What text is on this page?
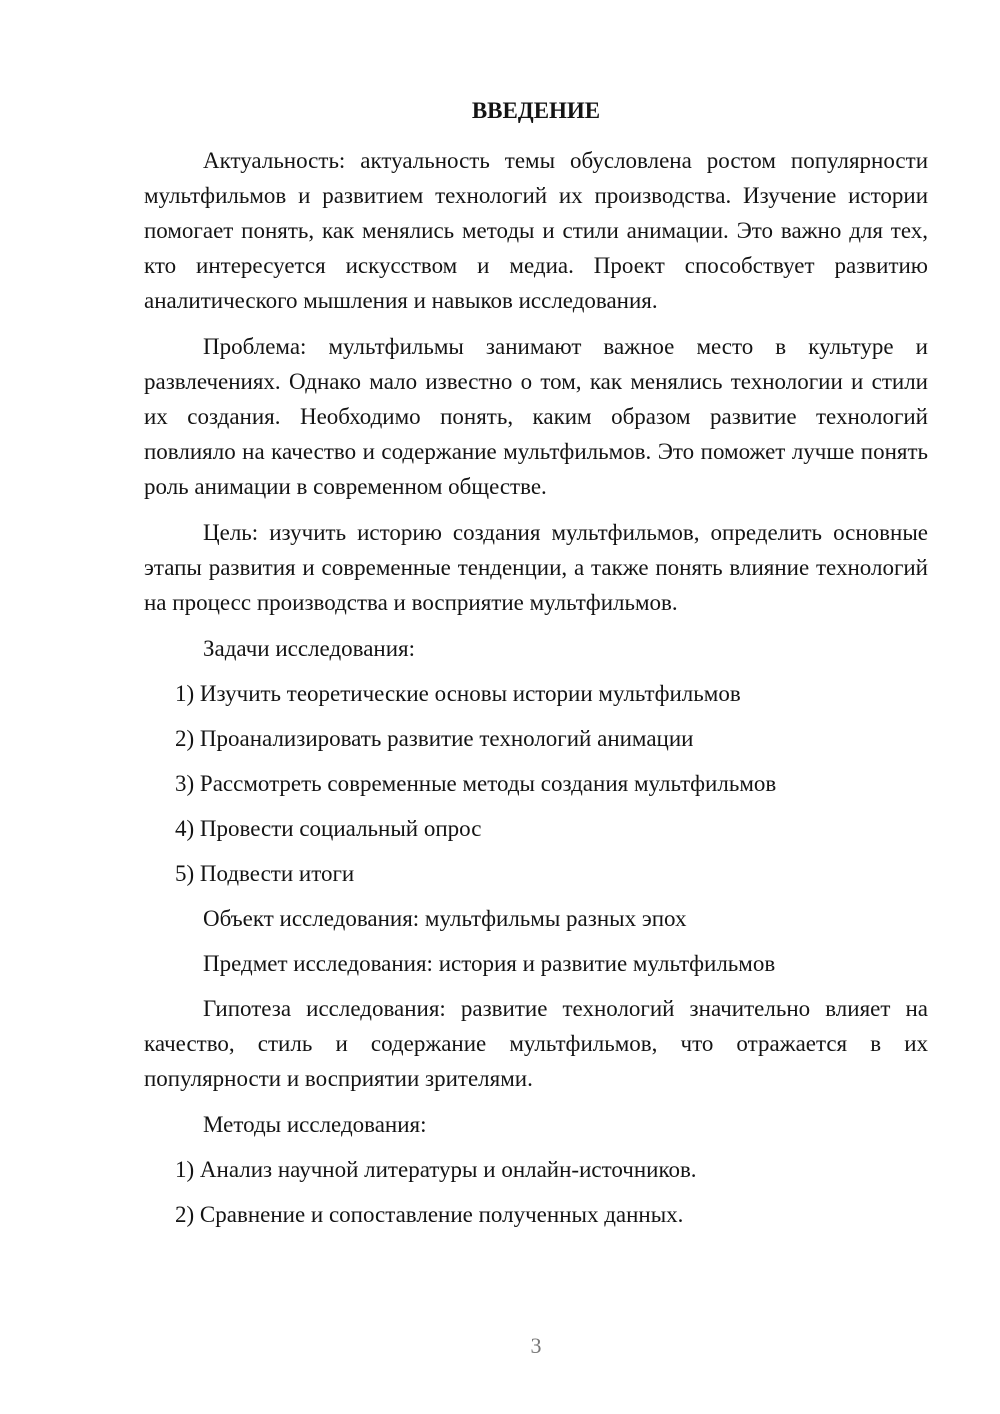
ВВЕДЕНИЕ

Актуальность: актуальность темы обусловлена ростом популярности мультфильмов и развитием технологий их производства. Изучение истории помогает понять, как менялись методы и стили анимации. Это важно для тех, кто интересуется искусством и медиа. Проект способствует развитию аналитического мышления и навыков исследования.

Проблема: мультфильмы занимают важное место в культуре и развлечениях. Однако мало известно о том, как менялись технологии и стили их создания. Необходимо понять, каким образом развитие технологий повлияло на качество и содержание мультфильмов. Это поможет лучше понять роль анимации в современном обществе.

Цель: изучить историю создания мультфильмов, определить основные этапы развития и современные тенденции, а также понять влияние технологий на процесс производства и восприятие мультфильмов.

Задачи исследования:

1) Изучить теоретические основы истории мультфильмов

2) Проанализировать развитие технологий анимации

3) Рассмотреть современные методы создания мультфильмов

4) Провести социальный опрос

5) Подвести итоги

Объект исследования: мультфильмы разных эпох

Предмет исследования: история и развитие мультфильмов

Гипотеза исследования: развитие технологий значительно влияет на качество, стиль и содержание мультфильмов, что отражается в их популярности и восприятии зрителями.

Методы исследования:

1) Анализ научной литературы и онлайн-источников.

2) Сравнение и сопоставление полученных данных.

3
